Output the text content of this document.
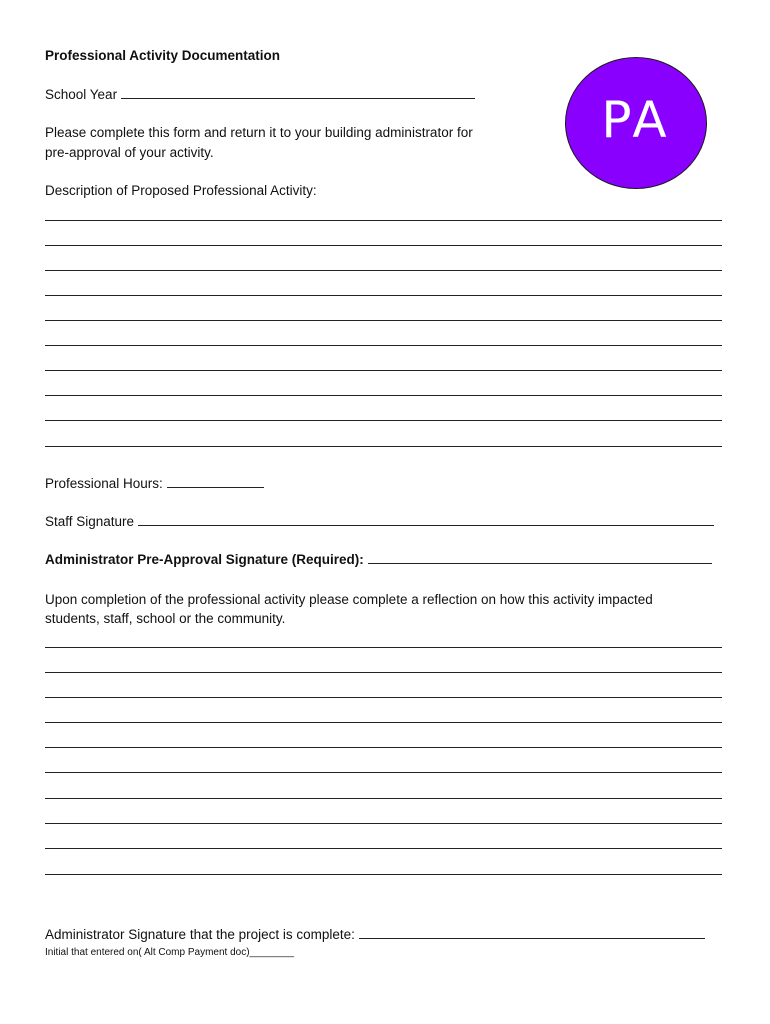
Professional Activity Documentation
School Year
Please complete this form and return it to your building administrator for
pre-approval of your activity.
PA
Description of Proposed Professional Activity:
Professional Hours:
Staff Signature
Administrator Pre-Approval Signature (Required):
Upon completion of the professional activity please complete a reflection on how this activity impacted
students, staff, school or the community.
Administrator Signature that the project is complete:
Initial that entered on( Alt Comp Payment doc)________
